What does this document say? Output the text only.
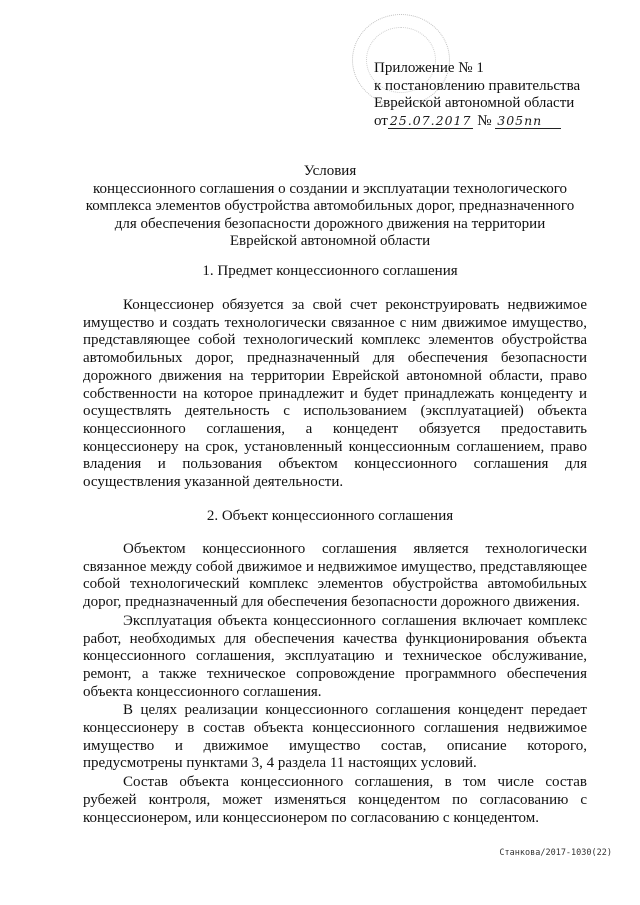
Приложение № 1
к постановлению правительства
Еврейской автономной области
от 25.07.2017 № 305пп
Условия
концессионного соглашения о создании и эксплуатации технологического
комплекса элементов обустройства автомобильных дорог, предназначенного
для обеспечения безопасности дорожного движения на территории
Еврейской автономной области
1. Предмет концессионного соглашения

Концессионер обязуется за свой счет реконструировать недвижимое имущество и создать технологически связанное с ним движимое имущество, представляющее собой технологический комплекс элементов обустройства автомобильных дорог, предназначенный для обеспечения безопасности дорожного движения на территории Еврейской автономной области, право собственности на которое принадлежит и будет принадлежать концеденту и осуществлять деятельность с использованием (эксплуатацией) объекта концессионного соглашения, а концедент обязуется предоставить концессионеру на срок, установленный концессионным соглашением, право владения и пользования объектом концессионного соглашения для осуществления указанной деятельности.

2. Объект концессионного соглашения

Объектом концессионного соглашения является технологически связанное между собой движимое и недвижимое имущество, представляющее собой технологический комплекс элементов обустройства автомобильных дорог, предназначенный для обеспечения безопасности дорожного движения.

Эксплуатация объекта концессионного соглашения включает комплекс работ, необходимых для обеспечения качества функционирования объекта концессионного соглашения, эксплуатацию и техническое обслуживание, ремонт, а также техническое сопровождение программного обеспечения объекта концессионного соглашения.

В целях реализации концессионного соглашения концедент передает концессионеру в состав объекта концессионного соглашения недвижимое имущество и движимое имущество состав, описание которого, предусмотрены пунктами 3, 4 раздела 11 настоящих условий.

Состав объекта концессионного соглашения, в том числе состав рубежей контроля, может изменяться концедентом по согласованию с концессионером, или концессионером по согласованию с концедентом.

Станкова/2017-1030(22)
